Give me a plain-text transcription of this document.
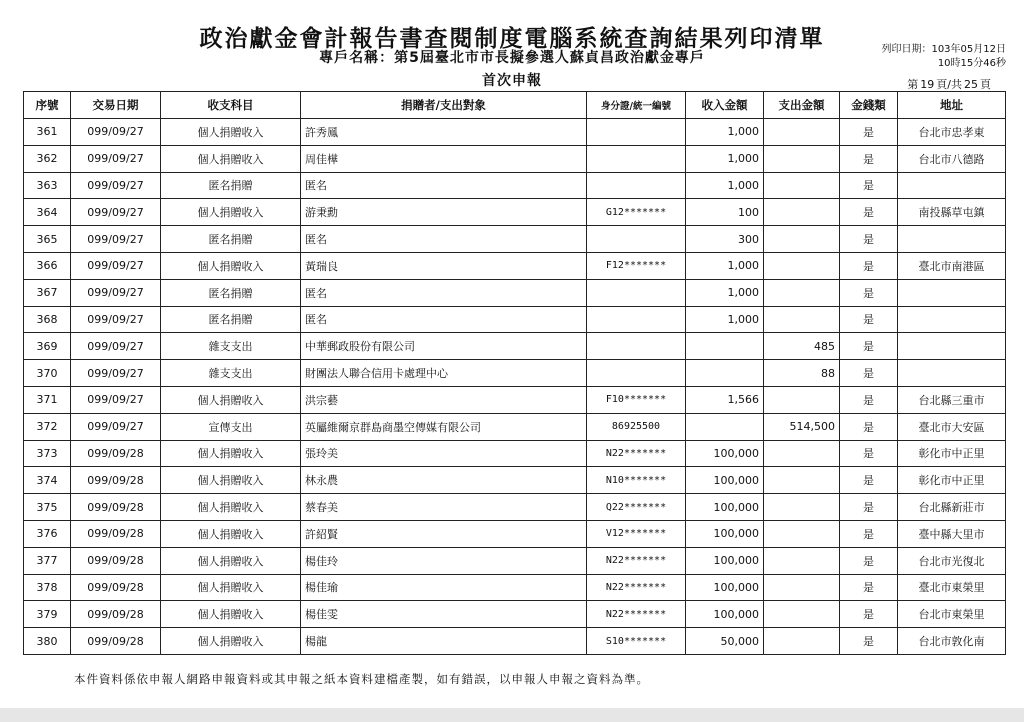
政治獻金會計報告書查閱制度電腦系統查詢結果列印清單
專戶名稱：第5屆臺北市市長擬參選人蘇貞昌政治獻金專戶
首次申報
列印日期：103年05月12日
10時15分46秒
第 19 頁/共 25 頁
序號	交易日期	收支科目	捐贈者/支出對象	身分證/統一編號	收入金額	支出金額	金錢類	地址
361	099/09/27	個人捐贈收入	許秀鳳		1,000		是	台北市忠孝東
362	099/09/27	個人捐贈收入	周佳樺		1,000		是	台北市八德路
363	099/09/27	匿名捐贈	匿名		1,000		是	
364	099/09/27	個人捐贈收入	游秉勳	G12*******	100		是	南投縣草屯鎮
365	099/09/27	匿名捐贈	匿名		300		是	
366	099/09/27	個人捐贈收入	黃瑞良	F12*******	1,000		是	臺北市南港區
367	099/09/27	匿名捐贈	匿名		1,000		是	
368	099/09/27	匿名捐贈	匿名		1,000		是	
369	099/09/27	雜支支出	中華郵政股份有限公司			485	是	
370	099/09/27	雜支支出	財團法人聯合信用卡處理中心			88	是	
371	099/09/27	個人捐贈收入	洪宗藝	F10*******	1,566		是	台北縣三重市
372	099/09/27	宣傳支出	英屬維爾京群島商墨空傳媒有限公司	86925500		514,500	是	臺北市大安區
373	099/09/28	個人捐贈收入	張玲美	N22*******	100,000		是	彰化市中正里
374	099/09/28	個人捐贈收入	林永農	N10*******	100,000		是	彰化市中正里
375	099/09/28	個人捐贈收入	蔡春美	Q22*******	100,000		是	台北縣新莊市
376	099/09/28	個人捐贈收入	許紹賢	V12*******	100,000		是	臺中縣大里市
377	099/09/28	個人捐贈收入	楊佳玲	N22*******	100,000		是	台北市光復北
378	099/09/28	個人捐贈收入	楊佳瑜	N22*******	100,000		是	臺北市東榮里
379	099/09/28	個人捐贈收入	楊佳雯	N22*******	100,000		是	台北市東榮里
380	099/09/28	個人捐贈收入	楊龍	S10*******	50,000		是	台北市敦化南
本件資料係依申報人網路申報資料或其申報之紙本資料建檔產製，如有錯誤，以申報人申報之資料為準。
